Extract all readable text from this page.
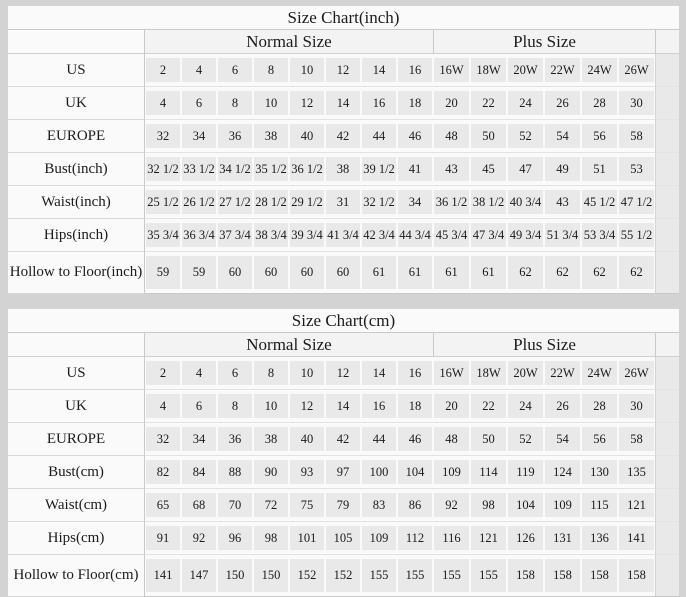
Size Chart(inch)															
	Normal Size								Plus Size						
US	2	4	6	8	10	12	14	16	16W	18W	20W	22W	24W	26W	

UK	4	6	8	10	12	14	16	18	20	22	24	26	28	30	

EUROPE	32	34	36	38	40	42	44	46	48	50	52	54	56	58	

Bust(inch)	32 1/2	33 1/2	34 1/2	35 1/2	36 1/2	38	39 1/2	41	43	45	47	49	51	53	

Waist(inch)	25 1/2	26 1/2	27 1/2	28 1/2	29 1/2	31	32 1/2	34	36 1/2	38 1/2	40 3/4	43	45 1/2	47 1/2	

Hips(inch)	35 3/4	36 3/4	37 3/4	38 3/4	39 3/4	41 3/4	42 3/4	44 3/4	45 3/4	47 3/4	49 3/4	51 3/4	53 3/4	55 1/2	

Hollow to Floor(inch)	59	59	60	60	60	60	61	61	61	61	62	62	62	62	

Size Chart(cm)															
	Normal Size								Plus Size						
US	2	4	6	8	10	12	14	16	16W	18W	20W	22W	24W	26W	

UK	4	6	8	10	12	14	16	18	20	22	24	26	28	30	

EUROPE	32	34	36	38	40	42	44	46	48	50	52	54	56	58	

Bust(cm)	82	84	88	90	93	97	100	104	109	114	119	124	130	135	

Waist(cm)	65	68	70	72	75	79	83	86	92	98	104	109	115	121	

Hips(cm)	91	92	96	98	101	105	109	112	116	121	126	131	136	141	

Hollow to Floor(cm)	141	147	150	150	152	152	155	155	155	155	158	158	158	158	
